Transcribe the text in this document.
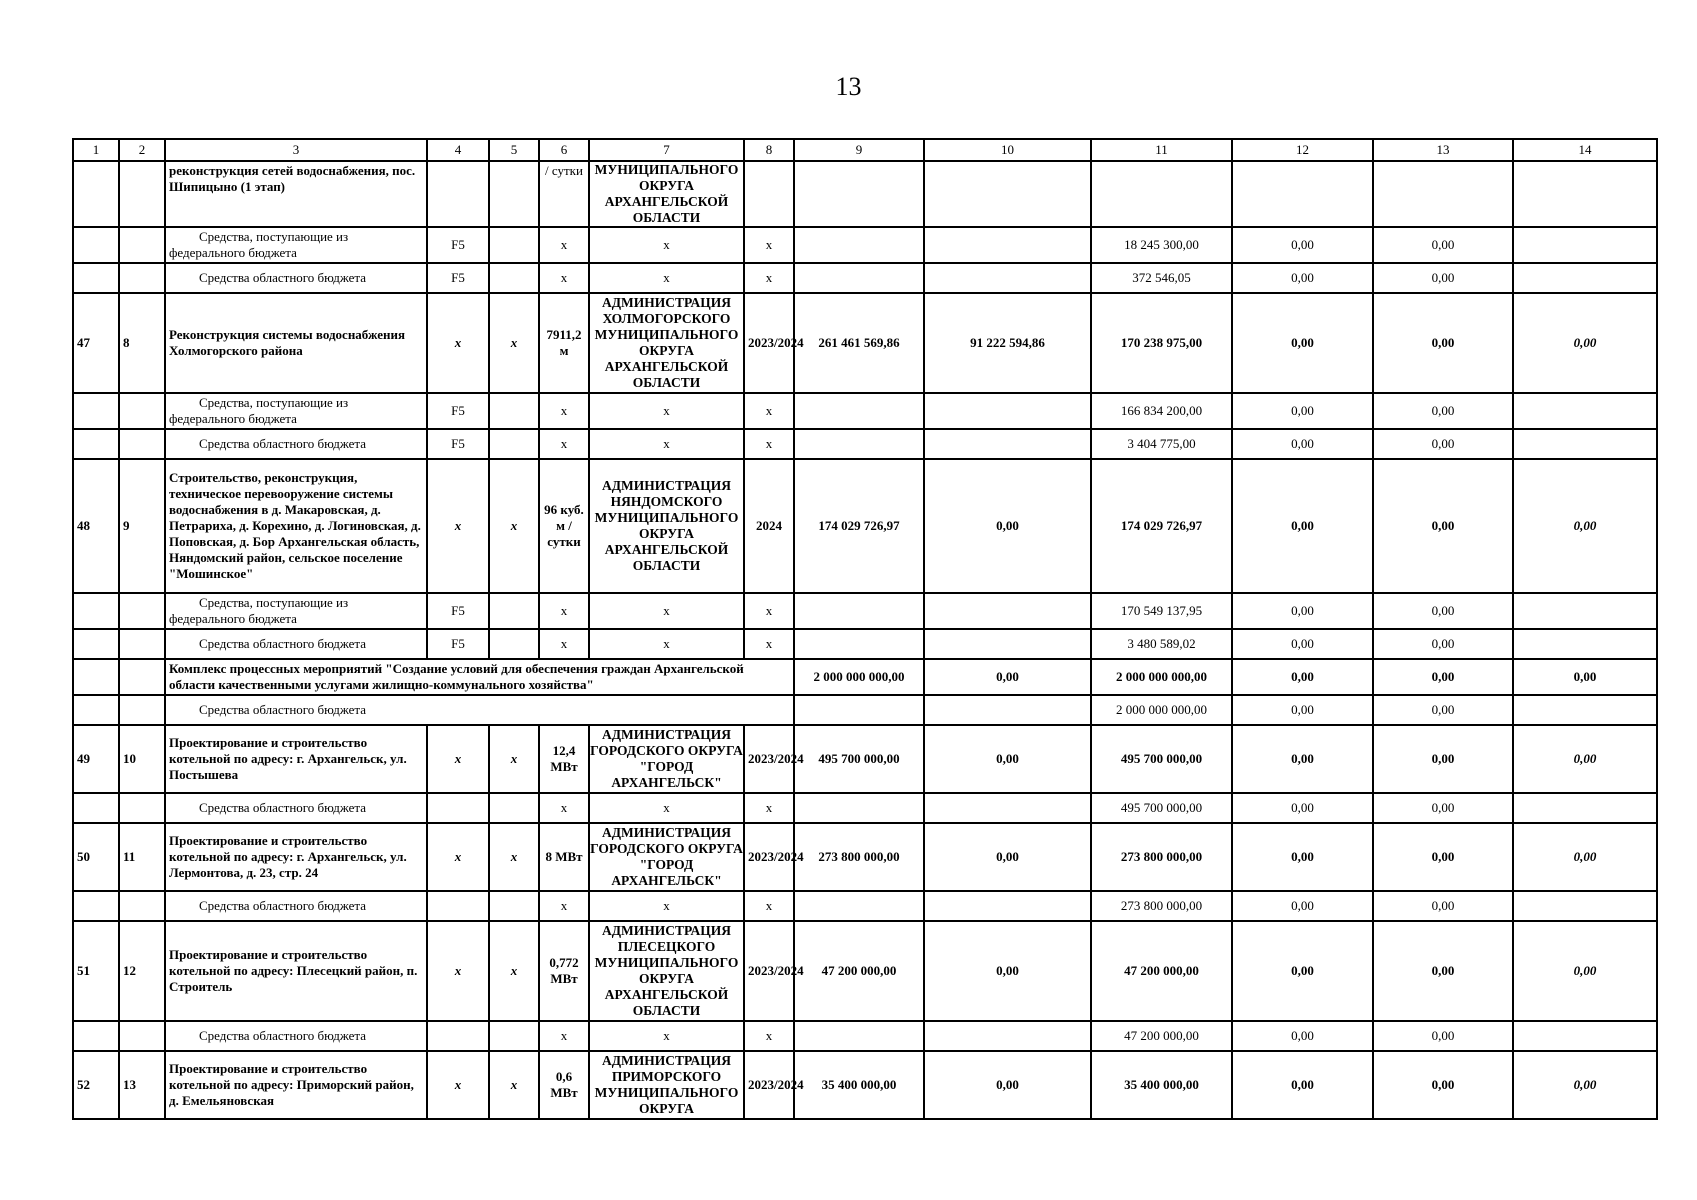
13
1	2	3	4	5	6	7	8	9	10	11	12	13	14
		реконструкция сетей водоснабжения, пос. Шипицыно (1 этап)			/ сутки	МУНИЦИПАЛЬНОГО ОКРУГА АРХАНГЕЛЬСКОЙ ОБЛАСТИ							
		Средства, поступающие из федерального бюджета	F5		х	х	х			18 245 300,00	0,00	0,00	
		Средства областного бюджета	F5		х	х	х			372 546,05	0,00	0,00	
47	8	Реконструкция системы водоснабжения Холмогорского района	х	х	7911,2 м	АДМИНИСТРАЦИЯ ХОЛМОГОРСКОГО МУНИЦИПАЛЬНОГО ОКРУГА АРХАНГЕЛЬСКОЙ ОБЛАСТИ	2023/2024	261 461 569,86	91 222 594,86	170 238 975,00	0,00	0,00	0,00
		Средства, поступающие из федерального бюджета	F5		х	х	х			166 834 200,00	0,00	0,00	
		Средства областного бюджета	F5		х	х	х			3 404 775,00	0,00	0,00	
48	9	Строительство, реконструкция, техническое перевооружение системы водоснабжения в д. Макаровская, д. Петрариха, д. Корехино, д. Логиновская, д. Поповская, д. Бор Архангельская область, Няндомский район, сельское поселение "Мошинское"	х	х	96 куб. м / сутки	АДМИНИСТРАЦИЯ НЯНДОМСКОГО МУНИЦИПАЛЬНОГО ОКРУГА АРХАНГЕЛЬСКОЙ ОБЛАСТИ	2024	174 029 726,97	0,00	174 029 726,97	0,00	0,00	0,00
		Средства, поступающие из федерального бюджета	F5		х	х	х			170 549 137,95	0,00	0,00	
		Средства областного бюджета	F5		х	х	х			3 480 589,02	0,00	0,00	
		Комплекс процессных мероприятий "Создание условий для обеспечения граждан Архангельской области качественными услугами жилищно-коммунального хозяйства"						2 000 000 000,00	0,00	2 000 000 000,00	0,00	0,00	0,00
		Средства областного бюджета								2 000 000 000,00	0,00	0,00	
49	10	Проектирование и строительство котельной по адресу: г. Архангельск, ул. Постышева	х	х	12,4 МВт	АДМИНИСТРАЦИЯ ГОРОДСКОГО ОКРУГА "ГОРОД АРХАНГЕЛЬСК"	2023/2024	495 700 000,00	0,00	495 700 000,00	0,00	0,00	0,00
		Средства областного бюджета			х	х	х			495 700 000,00	0,00	0,00	
50	11	Проектирование и строительство котельной по адресу: г. Архангельск, ул. Лермонтова, д. 23, стр. 24	х	х	8 МВт	АДМИНИСТРАЦИЯ ГОРОДСКОГО ОКРУГА "ГОРОД АРХАНГЕЛЬСК"	2023/2024	273 800 000,00	0,00	273 800 000,00	0,00	0,00	0,00
		Средства областного бюджета			х	х	х			273 800 000,00	0,00	0,00	
51	12	Проектирование и строительство котельной по адресу: Плесецкий район, п. Строитель	х	х	0,772 МВт	АДМИНИСТРАЦИЯ ПЛЕСЕЦКОГО МУНИЦИПАЛЬНОГО ОКРУГА АРХАНГЕЛЬСКОЙ ОБЛАСТИ	2023/2024	47 200 000,00	0,00	47 200 000,00	0,00	0,00	0,00
		Средства областного бюджета			х	х	х			47 200 000,00	0,00	0,00	
52	13	Проектирование и строительство котельной по адресу: Приморский район, д. Емельяновская	х	х	0,6 МВт	АДМИНИСТРАЦИЯ ПРИМОРСКОГО МУНИЦИПАЛЬНОГО ОКРУГА	2023/2024	35 400 000,00	0,00	35 400 000,00	0,00	0,00	0,00
